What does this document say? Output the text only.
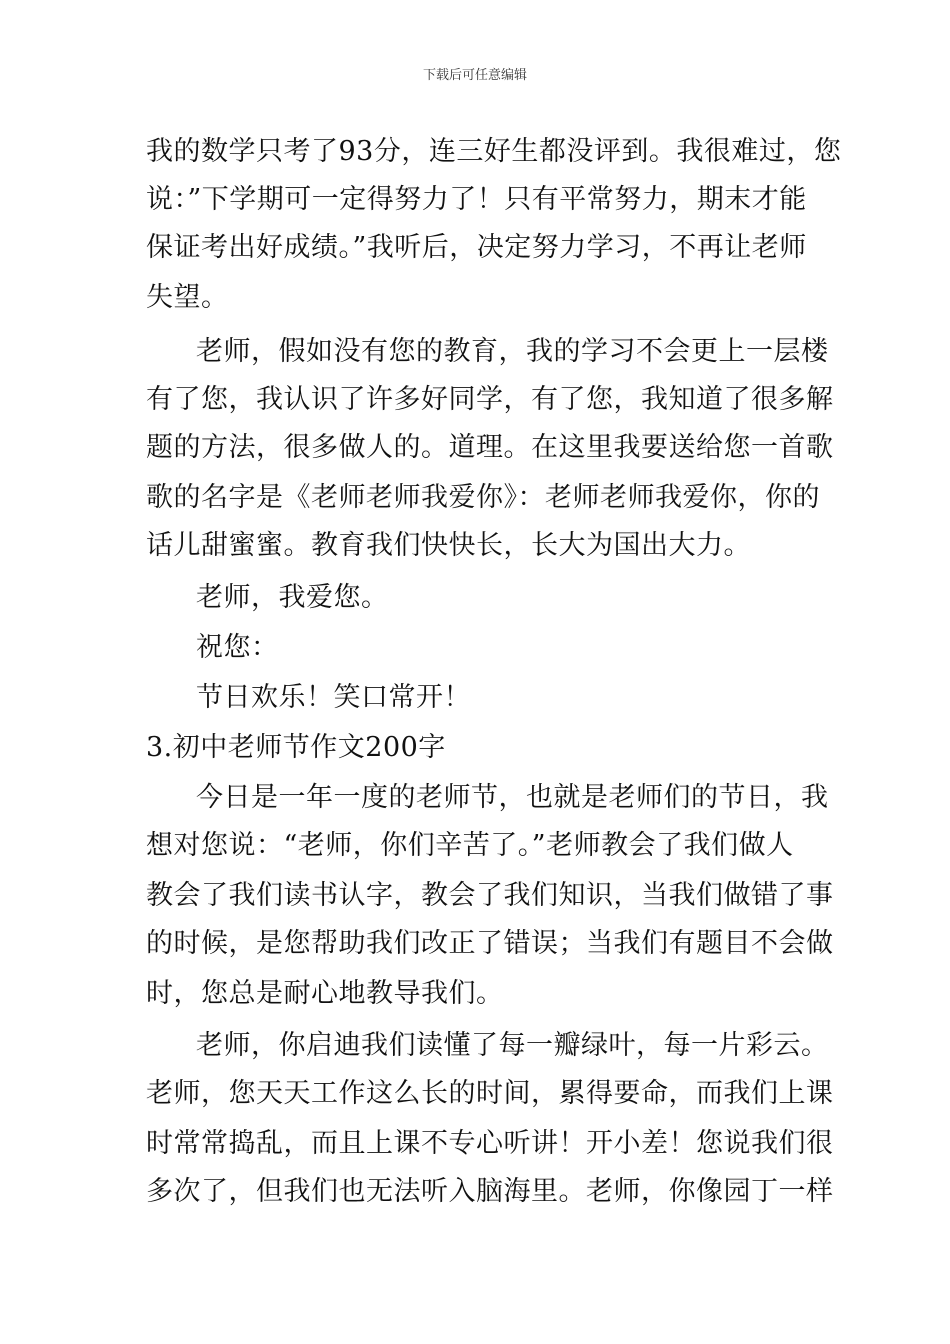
下载后可任意编辑
我的数学只考了93分，连三好生都没评到。我很难过，您
说：”下学期可一定得努力了！只有平常努力，期末才能
保证考出好成绩。”我听后，决定努力学习，不再让老师
失望。
老师，假如没有您的教育，我的学习不会更上一层楼
有了您，我认识了许多好同学，有了您，我知道了很多解
题的方法，很多做人的。道理。在这里我要送给您一首歌
歌的名字是《老师老师我爱你》：老师老师我爱你，你的
话儿甜蜜蜜。教育我们快快长，长大为国出大力。
老师，我爱您。
祝您：
节日欢乐！笑口常开！
3.初中老师节作文200字
今日是一年一度的老师节，也就是老师们的节日，我
想对您说：“老师，你们辛苦了。”老师教会了我们做人
教会了我们读书认字，教会了我们知识，当我们做错了事
的时候，是您帮助我们改正了错误；当我们有题目不会做
时，您总是耐心地教导我们。
老师，你启迪我们读懂了每一瓣绿叶，每一片彩云。
老师，您天天工作这么长的时间，累得要命，而我们上课
时常常捣乱，而且上课不专心听讲！开小差！您说我们很
多次了，但我们也无法听入脑海里。老师，你像园丁一样
